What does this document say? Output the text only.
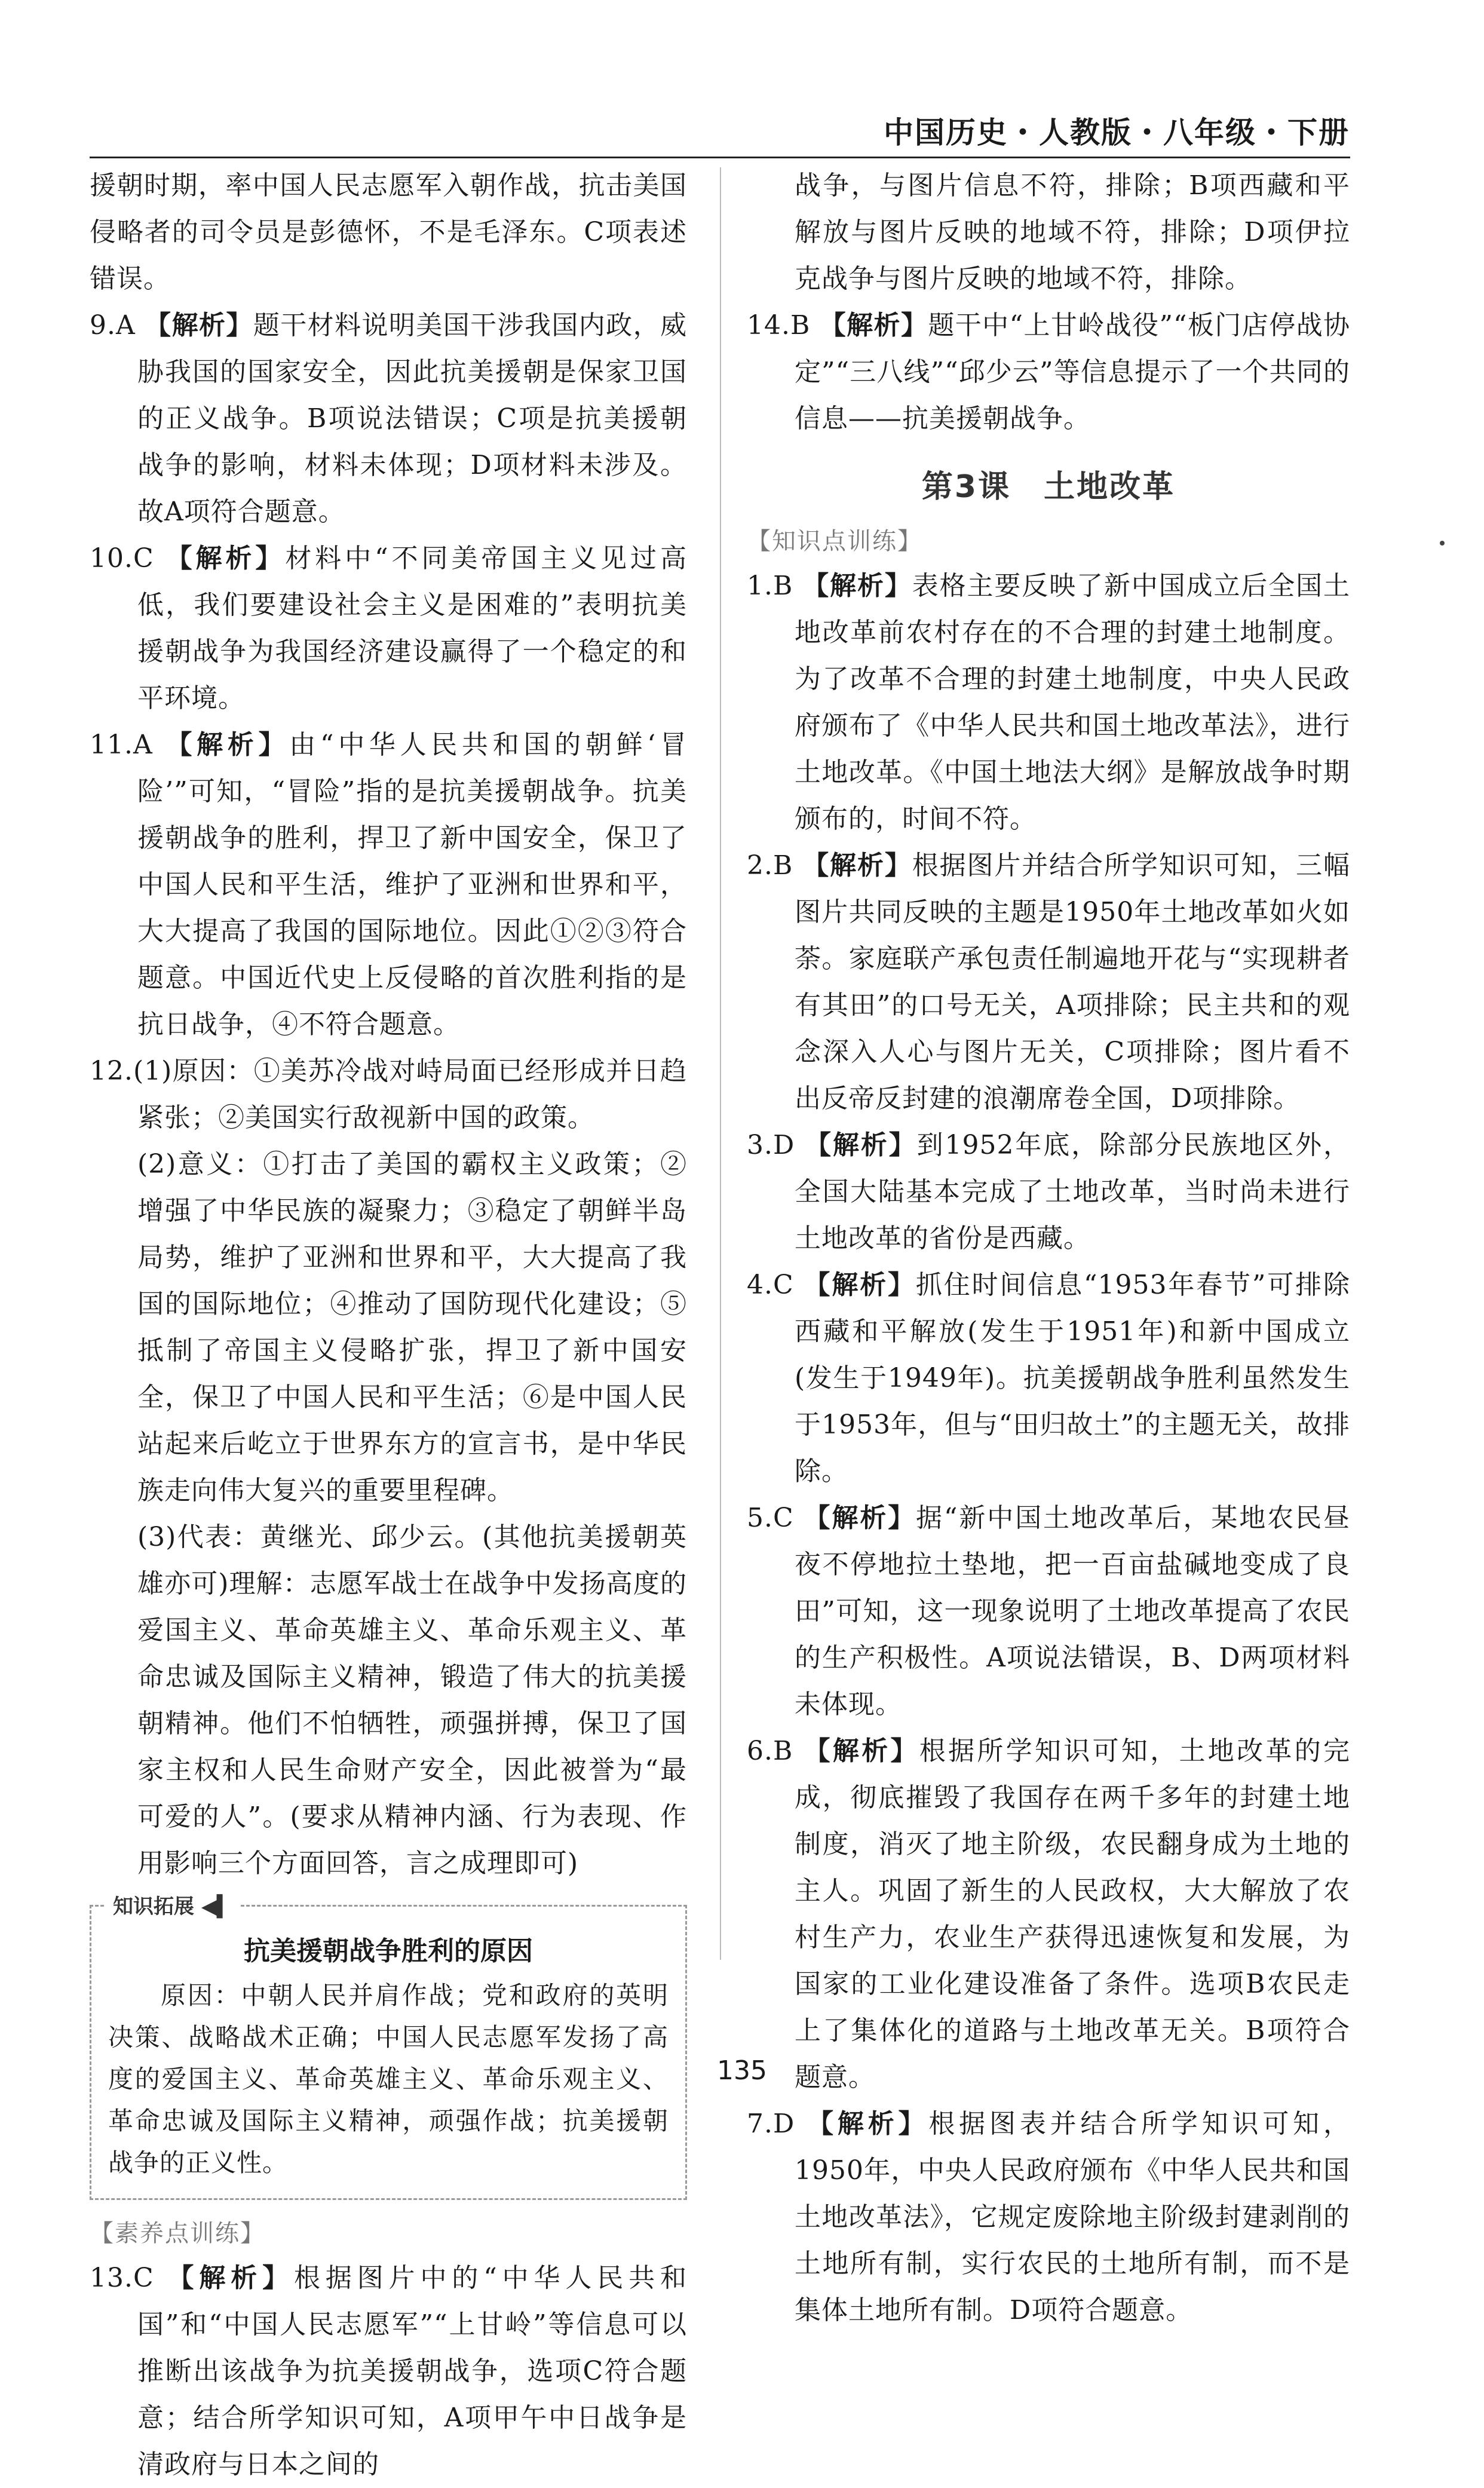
中国历史・人教版・八年级・下册

援朝时期，率中国人民志愿军入朝作战，抗击美国侵略者的司令员是彭德怀，不是毛泽东。C项表述错误。

9.A 【解析】题干材料说明美国干涉我国内政，威胁我国的国家安全，因此抗美援朝是保家卫国的正义战争。B项说法错误；C项是抗美援朝战争的影响，材料未体现；D项材料未涉及。故A项符合题意。

10.C 【解析】材料中“不同美帝国主义见过高低，我们要建设社会主义是困难的”表明抗美援朝战争为我国经济建设赢得了一个稳定的和平环境。

11.A 【解析】由“中华人民共和国的朝鲜‘冒险’”可知，“冒险”指的是抗美援朝战争。抗美援朝战争的胜利，捍卫了新中国安全，保卫了中国人民和平生活，维护了亚洲和世界和平，大大提高了我国的国际地位。因此①②③符合题意。中国近代史上反侵略的首次胜利指的是抗日战争，④不符合题意。

12.(1)原因：①美苏冷战对峙局面已经形成并日趋紧张；②美国实行敌视新中国的政策。

(2)意义：①打击了美国的霸权主义政策；②增强了中华民族的凝聚力；③稳定了朝鲜半岛局势，维护了亚洲和世界和平，大大提高了我国的国际地位；④推动了国防现代化建设；⑤抵制了帝国主义侵略扩张，捍卫了新中国安全，保卫了中国人民和平生活；⑥是中国人民站起来后屹立于世界东方的宣言书，是中华民族走向伟大复兴的重要里程碑。

(3)代表：黄继光、邱少云。(其他抗美援朝英雄亦可)理解：志愿军战士在战争中发扬高度的爱国主义、革命英雄主义、革命乐观主义、革命忠诚及国际主义精神，锻造了伟大的抗美援朝精神。他们不怕牺牲，顽强拼搏，保卫了国家主权和人民生命财产安全，因此被誉为“最可爱的人”。(要求从精神内涵、行为表现、作用影响三个方面回答，言之成理即可)

知识拓展 ◀▍
抗美援朝战争胜利的原因

原因：中朝人民并肩作战；党和政府的英明决策、战略战术正确；中国人民志愿军发扬了高度的爱国主义、革命英雄主义、革命乐观主义、革命忠诚及国际主义精神，顽强作战；抗美援朝战争的正义性。

【素养点训练】

13.C 【解析】根据图片中的“中华人民共和国”和“中国人民志愿军”“上甘岭”等信息可以推断出该战争为抗美援朝战争，选项C符合题意；结合所学知识可知，A项甲午中日战争是清政府与日本之间的

战争，与图片信息不符，排除；B项西藏和平解放与图片反映的地域不符，排除；D项伊拉克战争与图片反映的地域不符，排除。

14.B 【解析】题干中“上甘岭战役”“板门店停战协定”“三八线”“邱少云”等信息提示了一个共同的信息——抗美援朝战争。

第3课　土地改革
【知识点训练】

1.B 【解析】表格主要反映了新中国成立后全国土地改革前农村存在的不合理的封建土地制度。为了改革不合理的封建土地制度，中央人民政府颁布了《中华人民共和国土地改革法》，进行土地改革。《中国土地法大纲》是解放战争时期颁布的，时间不符。

2.B 【解析】根据图片并结合所学知识可知，三幅图片共同反映的主题是1950年土地改革如火如荼。家庭联产承包责任制遍地开花与“实现耕者有其田”的口号无关，A项排除；民主共和的观念深入人心与图片无关，C项排除；图片看不出反帝反封建的浪潮席卷全国，D项排除。

3.D 【解析】到1952年底，除部分民族地区外，全国大陆基本完成了土地改革，当时尚未进行土地改革的省份是西藏。

4.C 【解析】抓住时间信息“1953年春节”可排除西藏和平解放(发生于1951年)和新中国成立(发生于1949年)。抗美援朝战争胜利虽然发生于1953年，但与“田归故土”的主题无关，故排除。

5.C 【解析】据“新中国土地改革后，某地农民昼夜不停地拉土垫地，把一百亩盐碱地变成了良田”可知，这一现象说明了土地改革提高了农民的生产积极性。A项说法错误，B、D两项材料未体现。

6.B 【解析】根据所学知识可知，土地改革的完成，彻底摧毁了我国存在两千多年的封建土地制度，消灭了地主阶级，农民翻身成为土地的主人。巩固了新生的人民政权，大大解放了农村生产力，农业生产获得迅速恢复和发展，为国家的工业化建设准备了条件。选项B农民走上了集体化的道路与土地改革无关。B项符合题意。

7.D 【解析】根据图表并结合所学知识可知，1950年，中央人民政府颁布《中华人民共和国土地改革法》，它规定废除地主阶级封建剥削的土地所有制，实行农民的土地所有制，而不是集体土地所有制。D项符合题意。

135
